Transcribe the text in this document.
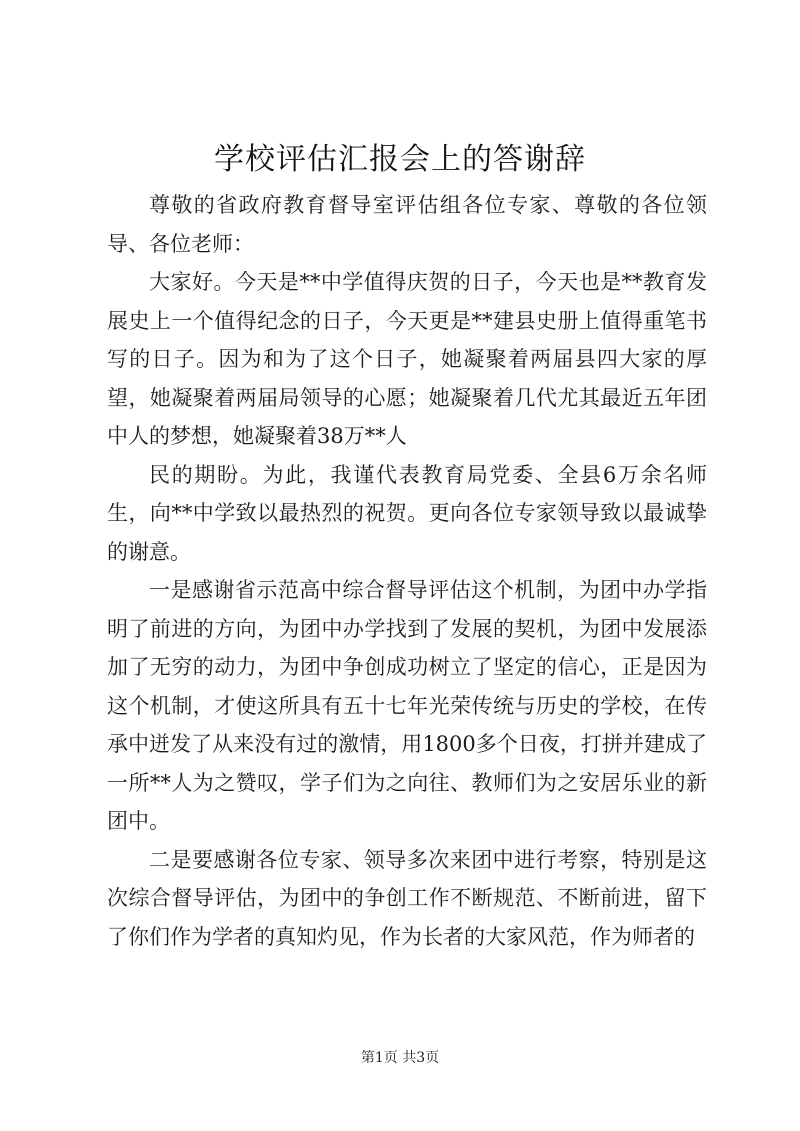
学校评估汇报会上的答谢辞

尊敬的省政府教育督导室评估组各位专家、尊敬的各位领导、各位老师：

大家好。今天是**中学值得庆贺的日子，今天也是**教育发展史上一个值得纪念的日子，今天更是**建县史册上值得重笔书写的日子。因为和为了这个日子，她凝聚着两届县四大家的厚望，她凝聚着两届局领导的心愿；她凝聚着几代尤其最近五年团中人的梦想，她凝聚着38万**人

民的期盼。为此，我谨代表教育局党委、全县6万余名师生，向**中学致以最热烈的祝贺。更向各位专家领导致以最诚挚的谢意。

一是感谢省示范高中综合督导评估这个机制，为团中办学指明了前进的方向，为团中办学找到了发展的契机，为团中发展添加了无穷的动力，为团中争创成功树立了坚定的信心，正是因为这个机制，才使这所具有五十七年光荣传统与历史的学校，在传承中迸发了从来没有过的激情，用1800多个日夜，打拼并建成了一所**人为之赞叹，学子们为之向往、教师们为之安居乐业的新团中。

二是要感谢各位专家、领导多次来团中进行考察，特别是这次综合督导评估，为团中的争创工作不断规范、不断前进，留下了你们作为学者的真知灼见，作为长者的大家风范，作为师者的

第1页 共3页
